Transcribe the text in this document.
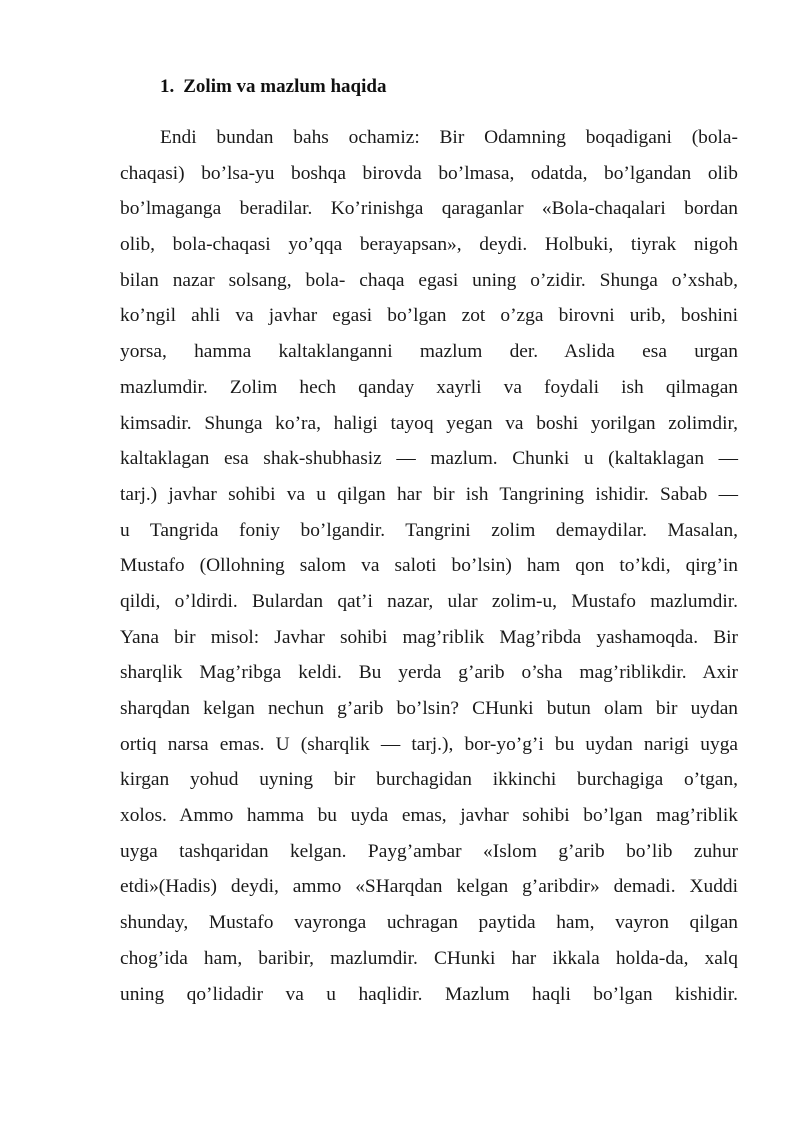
1. Zolim va mazlum haqida
Endi bundan bahs ochamiz: Bir Odamning boqadigani (bola-
chaqasi) bo’lsa-yu boshqa birovda bo’lmasa, odatda, bo’lgandan olib
bo’lmaganga beradilar. Ko’rinishga qaraganlar «Bola-chaqalari bordan
olib, bola-chaqasi yo’qqa berayapsan», deydi. Holbuki, tiyrak nigoh
bilan nazar solsang, bola- chaqa egasi uning o’zidir. Shunga o’xshab,
ko’ngil ahli va javhar egasi bo’lgan zot o’zga birovni urib, boshini
yorsa, hamma kaltaklanganni mazlum der. Aslida esa urgan
mazlumdir. Zolim hech qanday xayrli va foydali ish qilmagan
kimsadir. Shunga ko’ra, haligi tayoq yegan va boshi yorilgan zolimdir,
kaltaklagan esa shak-shubhasiz — mazlum. Chunki u (kaltaklagan —
tarj.) javhar sohibi va u qilgan har bir ish Tangrining ishidir. Sabab —
u Tangrida foniy bo’lgandir. Tangrini zolim demaydilar. Masalan,
Mustafo (Ollohning salom va saloti bo’lsin) ham qon to’kdi, qirg’in
qildi, o’ldirdi. Bulardan qat’i nazar, ular zolim-u, Mustafo mazlumdir.
Yana bir misol: Javhar sohibi mag’riblik Mag’ribda yashamoqda. Bir
sharqlik Mag’ribga keldi. Bu yerda g’arib o’sha mag’riblikdir. Axir
sharqdan kelgan nechun g’arib bo’lsin? CHunki butun olam bir uydan
ortiq narsa emas. U (sharqlik — tarj.), bor-yo’g’i bu uydan narigi uyga
kirgan yohud uyning bir burchagidan ikkinchi burchagiga o’tgan,
xolos. Ammo hamma bu uyda emas, javhar sohibi bo’lgan mag’riblik
uyga tashqaridan kelgan. Payg’ambar «Islom g’arib bo’lib zuhur
etdi»(Hadis) deydi, ammo «SHarqdan kelgan g’aribdir» demadi. Xuddi
shunday, Mustafo vayronga uchragan paytida ham, vayron qilgan
chog’ida ham, baribir, mazlumdir. CHunki har ikkala holda-da, xalq
uning qo’lidadir va u haqlidir. Mazlum haqli bo’lgan kishidir.
